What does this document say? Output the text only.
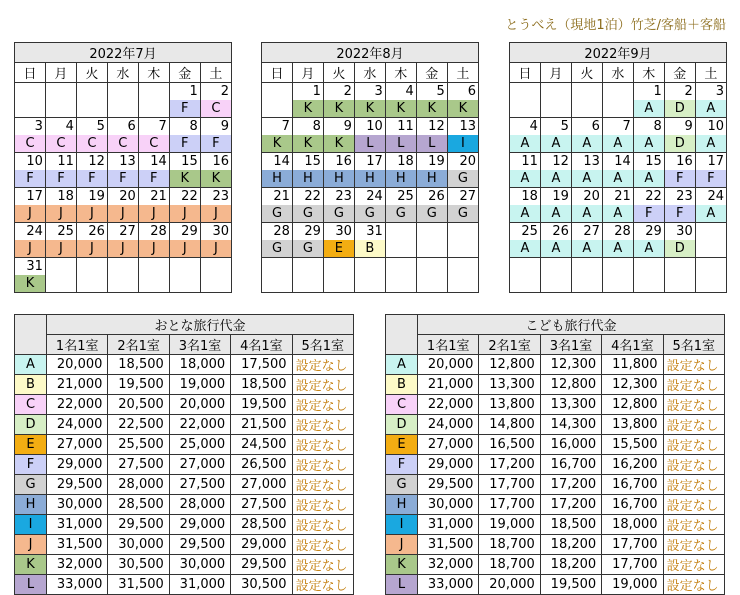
とうべえ（現地1泊）竹芝/客船＋客船
2022年7月						
日	月	火	水	木	金	土
					1	2
					F	C
3	4	5	6	7	8	9
C	C	C	C	C	F	F
10	11	12	13	14	15	16
F	F	F	F	F	K	K
17	18	19	20	21	22	23
J	J	J	J	J	J	J
24	25	26	27	28	29	30
J	J	J	J	J	J	J
31						
K						
2022年8月						
日	月	火	水	木	金	土
	1	2	3	4	5	6
	K	K	K	K	K	K
7	8	9	10	11	12	13
K	K	K	L	L	L	I
14	15	16	17	18	19	20
H	H	H	H	H	H	G
21	22	23	24	25	26	27
G	G	G	G	G	G	G
28	29	30	31			
G	G	E	B			

2022年9月						
日	月	火	水	木	金	土
				1	2	3
				A	D	A
4	5	6	7	8	9	10
A	A	A	A	A	D	A
11	12	13	14	15	16	17
A	A	A	A	A	F	F
18	19	20	21	22	23	24
A	A	A	A	F	F	A
25	26	27	28	29	30	
A	A	A	A	A	D	

	おとな旅行代金				
	1名1室	2名1室	3名1室	4名1室	5名1室
A	20,000	18,500	18,000	17,500	設定なし
B	21,000	19,500	19,000	18,500	設定なし
C	22,000	20,500	20,000	19,500	設定なし
D	24,000	22,500	22,000	21,500	設定なし
E	27,000	25,500	25,000	24,500	設定なし
F	29,000	27,500	27,000	26,500	設定なし
G	29,500	28,000	27,500	27,000	設定なし
H	30,000	28,500	28,000	27,500	設定なし
I	31,000	29,500	29,000	28,500	設定なし
J	31,500	30,000	29,500	29,000	設定なし
K	32,000	30,500	30,000	29,500	設定なし
L	33,000	31,500	31,000	30,500	設定なし
	こども旅行代金				
	1名1室	2名1室	3名1室	4名1室	5名1室
A	20,000	12,800	12,300	11,800	設定なし
B	21,000	13,300	12,800	12,300	設定なし
C	22,000	13,800	13,300	12,800	設定なし
D	24,000	14,800	14,300	13,800	設定なし
E	27,000	16,500	16,000	15,500	設定なし
F	29,000	17,200	16,700	16,200	設定なし
G	29,500	17,700	17,200	16,700	設定なし
H	30,000	17,700	17,200	16,700	設定なし
I	31,000	19,000	18,500	18,000	設定なし
J	31,500	18,700	18,200	17,700	設定なし
K	32,000	18,700	18,200	17,700	設定なし
L	33,000	20,000	19,500	19,000	設定なし
